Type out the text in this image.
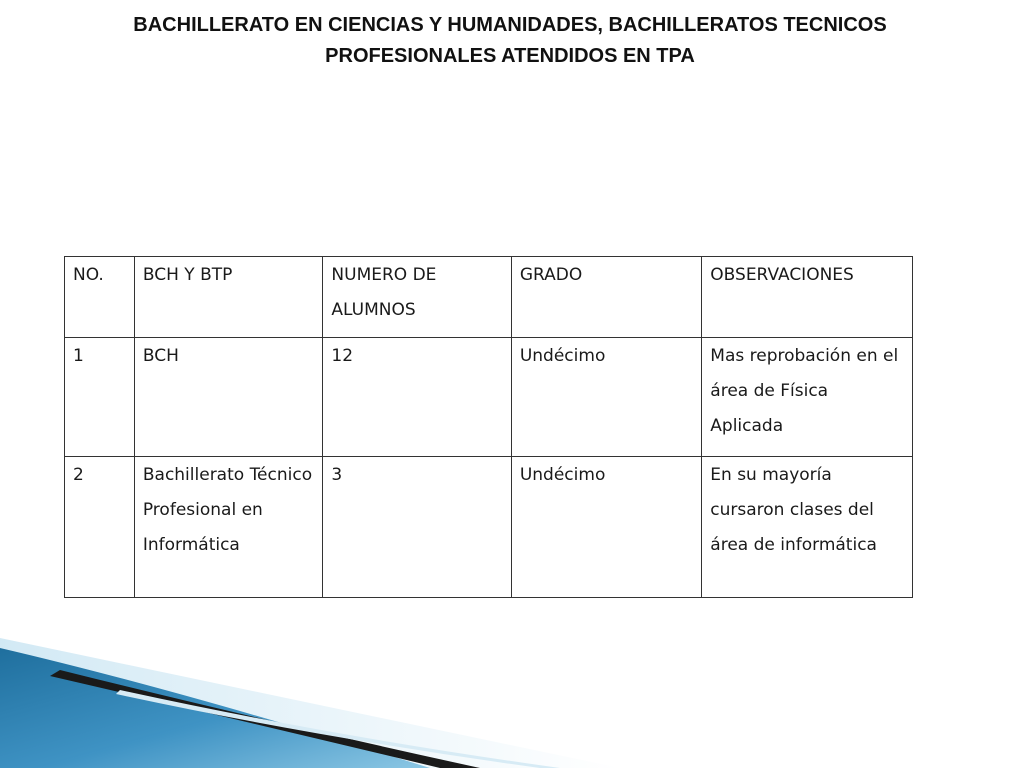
BACHILLERATO EN CIENCIAS Y HUMANIDADES, BACHILLERATOS TECNICOS
PROFESIONALES ATENDIDOS EN TPA
NO.	BCH Y BTP	NUMERO DE ALUMNOS	GRADO	OBSERVACIONES
1	BCH	12	Undécimo	Mas reprobación en el área de Física Aplicada
2	Bachillerato Técnico Profesional en Informática	3	Undécimo	En su mayoría cursaron clases del área de informática
